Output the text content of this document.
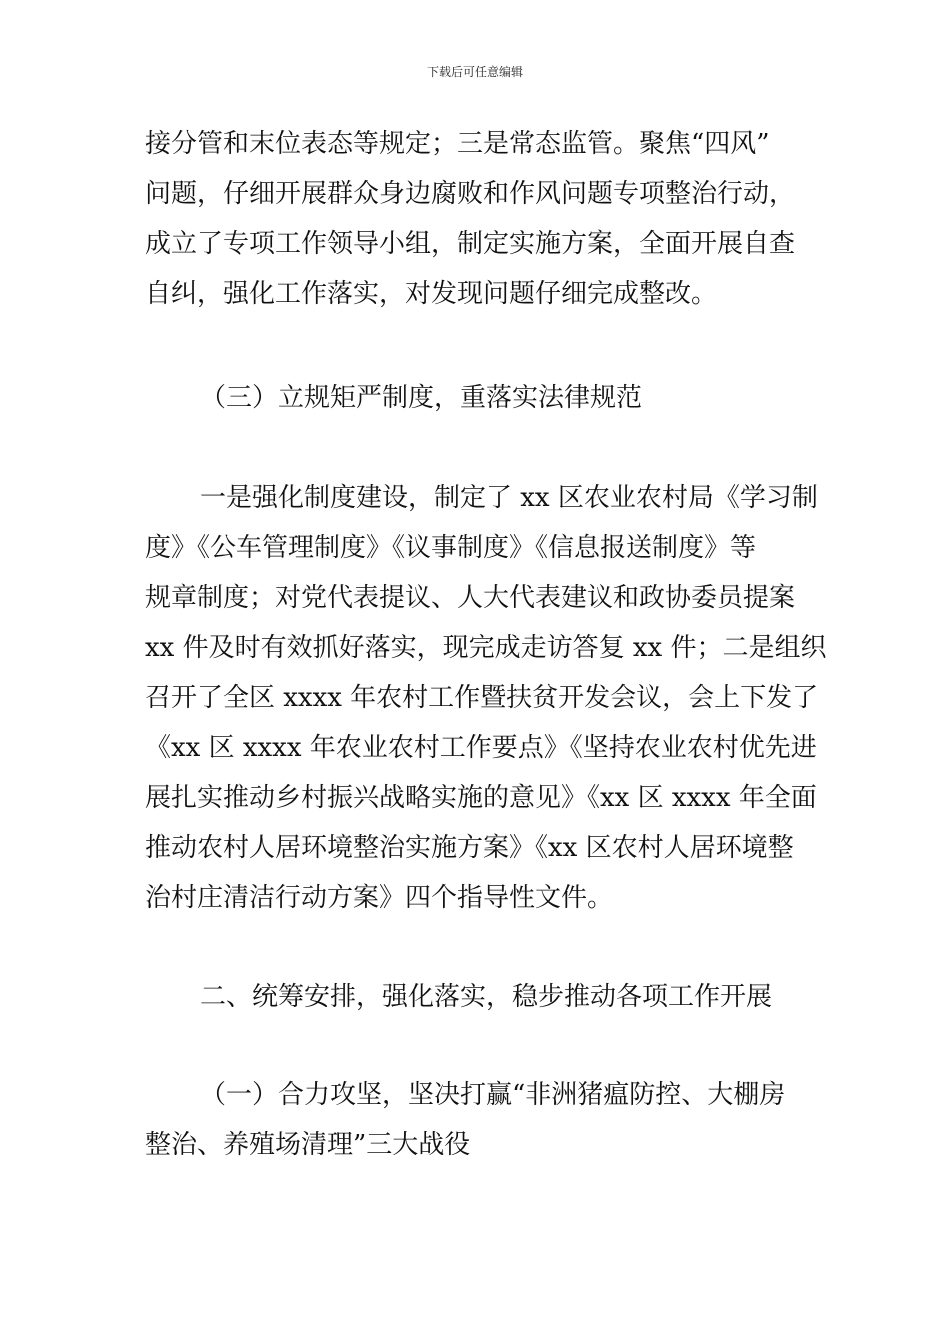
下载后可任意编辑
接分管和末位表态等规定；三是常态监管。聚焦“四风”
问题，仔细开展群众身边腐败和作风问题专项整治行动，
成立了专项工作领导小组，制定实施方案，全面开展自查
自纠，强化工作落实，对发现问题仔细完成整改。
（三）立规矩严制度，重落实法律规范
一是强化制度建设，制定了 xx 区农业农村局《学习制
度》《公车管理制度》《议事制度》《信息报送制度》等
规章制度；对党代表提议、人大代表建议和政协委员提案
xx 件及时有效抓好落实，现完成走访答复 xx 件；二是组织
召开了全区 xxxx 年农村工作暨扶贫开发会议，会上下发了
《xx 区 xxxx 年农业农村工作要点》《坚持农业农村优先进
展扎实推动乡村振兴战略实施的意见》《xx 区 xxxx 年全面
推动农村人居环境整治实施方案》《xx 区农村人居环境整
治村庄清洁行动方案》四个指导性文件。
二、统筹安排，强化落实，稳步推动各项工作开展
（一）合力攻坚，坚决打赢“非洲猪瘟防控、大棚房
整治、养殖场清理”三大战役
